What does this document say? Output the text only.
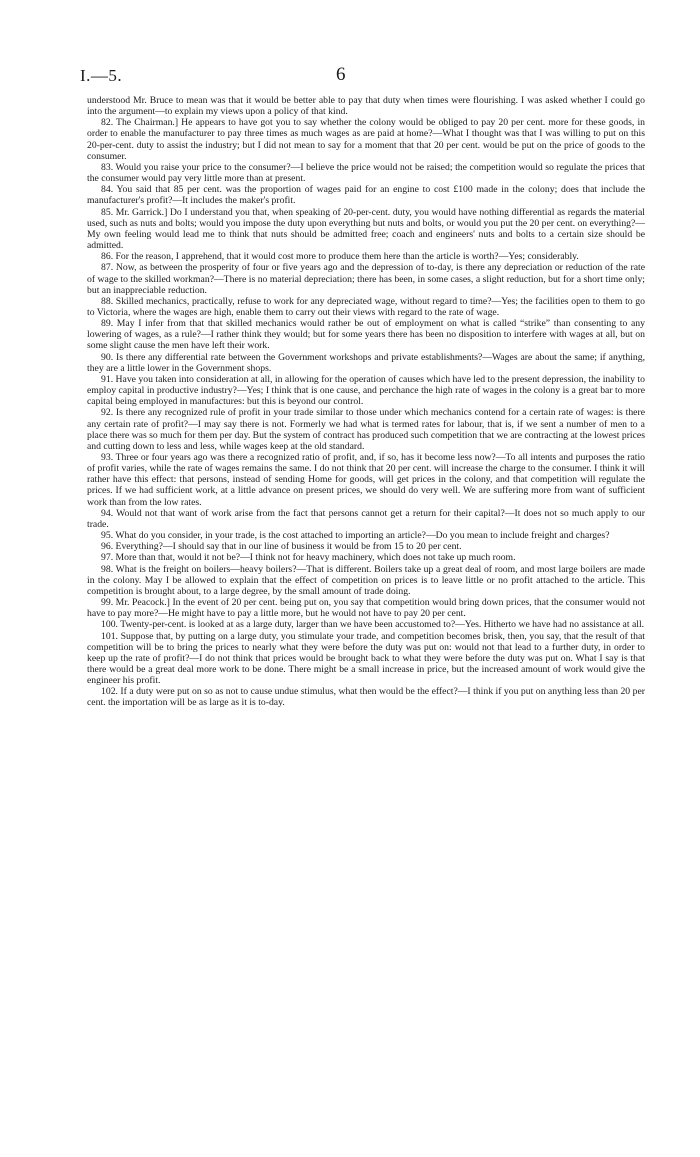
I.—5.	6

understood Mr. Bruce to mean was that it would be better able to pay that duty when times were flourishing. I was asked whether I could go into the argument—to explain my views upon a policy of that kind.

82. The Chairman.] He appears to have got you to say whether the colony would be obliged to pay 20 per cent. more for these goods, in order to enable the manufacturer to pay three times as much wages as are paid at home?—What I thought was that I was willing to put on this 20-per-cent. duty to assist the industry; but I did not mean to say for a moment that that 20 per cent. would be put on the price of goods to the consumer.

83. Would you raise your price to the consumer?—I believe the price would not be raised; the competition would so regulate the prices that the consumer would pay very little more than at present.

84. You said that 85 per cent. was the proportion of wages paid for an engine to cost £100 made in the colony; does that include the manufacturer's profit?—It includes the maker's profit.

85. Mr. Garrick.] Do I understand you that, when speaking of 20-per-cent. duty, you would have nothing differential as regards the material used, such as nuts and bolts; would you impose the duty upon everything but nuts and bolts, or would you put the 20 per cent. on everything?—My own feeling would lead me to think that nuts should be admitted free; coach and engineers' nuts and bolts to a certain size should be admitted.

86. For the reason, I apprehend, that it would cost more to produce them here than the article is worth?—Yes; considerably.

87. Now, as between the prosperity of four or five years ago and the depression of to-day, is there any depreciation or reduction of the rate of wage to the skilled workman?—There is no material depreciation; there has been, in some cases, a slight reduction, but for a short time only; but an inappreciable reduction.

88. Skilled mechanics, practically, refuse to work for any depreciated wage, without regard to time?—Yes; the facilities open to them to go to Victoria, where the wages are high, enable them to carry out their views with regard to the rate of wage.

89. May I infer from that that skilled mechanics would rather be out of employment on what is called “strike” than consenting to any lowering of wages, as a rule?—I rather think they would; but for some years there has been no disposition to interfere with wages at all, but on some slight cause the men have left their work.

90. Is there any differential rate between the Government workshops and private establishments?—Wages are about the same; if anything, they are a little lower in the Government shops.

91. Have you taken into consideration at all, in allowing for the operation of causes which have led to the present depression, the inability to employ capital in productive industry?—Yes; I think that is one cause, and perchance the high rate of wages in the colony is a great bar to more capital being employed in manufactures: but this is beyond our control.

92. Is there any recognized rule of profit in your trade similar to those under which mechanics contend for a certain rate of wages: is there any certain rate of profit?—I may say there is not. Formerly we had what is termed rates for labour, that is, if we sent a number of men to a place there was so much for them per day. But the system of contract has produced such competition that we are contracting at the lowest prices and cutting down to less and less, while wages keep at the old standard.

93. Three or four years ago was there a recognized ratio of profit, and, if so, has it become less now?—To all intents and purposes the ratio of profit varies, while the rate of wages remains the same. I do not think that 20 per cent. will increase the charge to the consumer. I think it will rather have this effect: that persons, instead of sending Home for goods, will get prices in the colony, and that competition will regulate the prices. If we had sufficient work, at a little advance on present prices, we should do very well. We are suffering more from want of sufficient work than from the low rates.

94. Would not that want of work arise from the fact that persons cannot get a return for their capital?—It does not so much apply to our trade.

95. What do you consider, in your trade, is the cost attached to importing an article?—Do you mean to include freight and charges?

96. Everything?—I should say that in our line of business it would be from 15 to 20 per cent.

97. More than that, would it not be?—I think not for heavy machinery, which does not take up much room.

98. What is the freight on boilers—heavy boilers?—That is different. Boilers take up a great deal of room, and most large boilers are made in the colony. May I be allowed to explain that the effect of competition on prices is to leave little or no profit attached to the article. This competition is brought about, to a large degree, by the small amount of trade doing.

99. Mr. Peacock.] In the event of 20 per cent. being put on, you say that competition would bring down prices, that the consumer would not have to pay more?—He might have to pay a little more, but he would not have to pay 20 per cent.

100. Twenty-per-cent. is looked at as a large duty, larger than we have been accustomed to?—Yes. Hitherto we have had no assistance at all.

101. Suppose that, by putting on a large duty, you stimulate your trade, and competition becomes brisk, then, you say, that the result of that competition will be to bring the prices to nearly what they were before the duty was put on: would not that lead to a further duty, in order to keep up the rate of profit?—I do not think that prices would be brought back to what they were before the duty was put on. What I say is that there would be a great deal more work to be done. There might be a small increase in price, but the increased amount of work would give the engineer his profit.

102. If a duty were put on so as not to cause undue stimulus, what then would be the effect?—I think if you put on anything less than 20 per cent. the importation will be as large as it is to-day.
